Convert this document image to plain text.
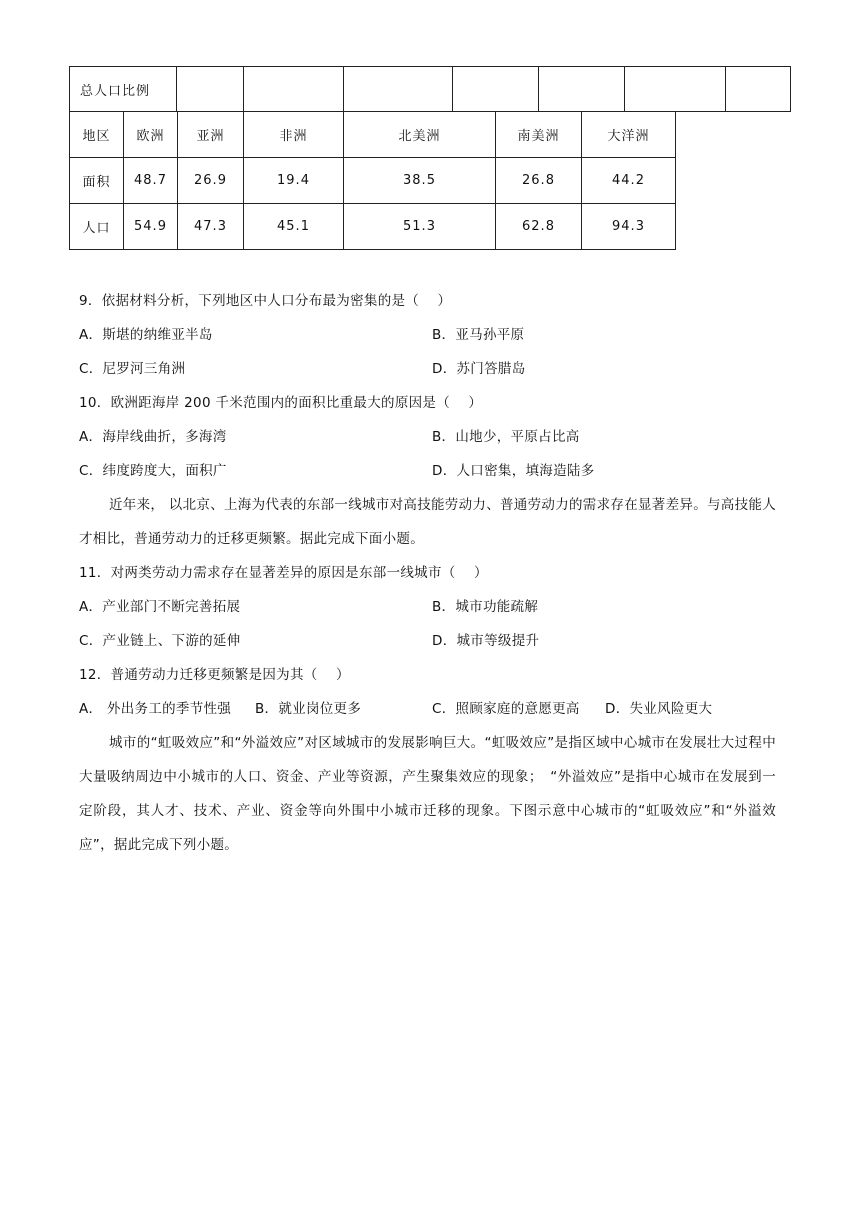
总人口比例							
地区	欧洲	亚洲	非洲	北美洲	南美洲	大洋洲
面积	48.7	26.9	19.4	38.5	26.8	44.2
人口	54.9	47.3	45.1	51.3	62.8	94.3
9．依据材料分析，下列地区中人口分布最为密集的是（　 ）
A．斯堪的纳维亚半岛	B．亚马孙平原
C．尼罗河三角洲	D．苏门答腊岛
10．欧洲距海岸 200 千米范围内的面积比重最大的原因是（　 ）
A．海岸线曲折，多海湾	B．山地少，平原占比高
C．纬度跨度大，面积广	D．人口密集，填海造陆多
近年来， 以北京、上海为代表的东部一线城市对高技能劳动力、普通劳动力的需求存在显著差异。与高技能人才相比，普通劳动力的迁移更频繁。据此完成下面小题。
11．对两类劳动力需求存在显著差异的原因是东部一线城市（　 ）
A．产业部门不断完善拓展	B．城市功能疏解
C．产业链上、下游的延伸	D．城市等级提升
12．普通劳动力迁移更频繁是因为其（　 ）
A． 外出务工的季节性强 B．就业岗位更多	C．照顾家庭的意愿更高 D．失业风险更大
城市的“虹吸效应”和“外溢效应”对区域城市的发展影响巨大。“虹吸效应”是指区域中心城市在发展壮大过程中大量吸纳周边中小城市的人口、资金、产业等资源，产生聚集效应的现象；　“外溢效应”是指中心城市在发展到一定阶段，其人才、技术、产业、资金等向外围中小城市迁移的现象。下图示意中心城市的“虹吸效应”和“外溢效应”，据此完成下列小题。
